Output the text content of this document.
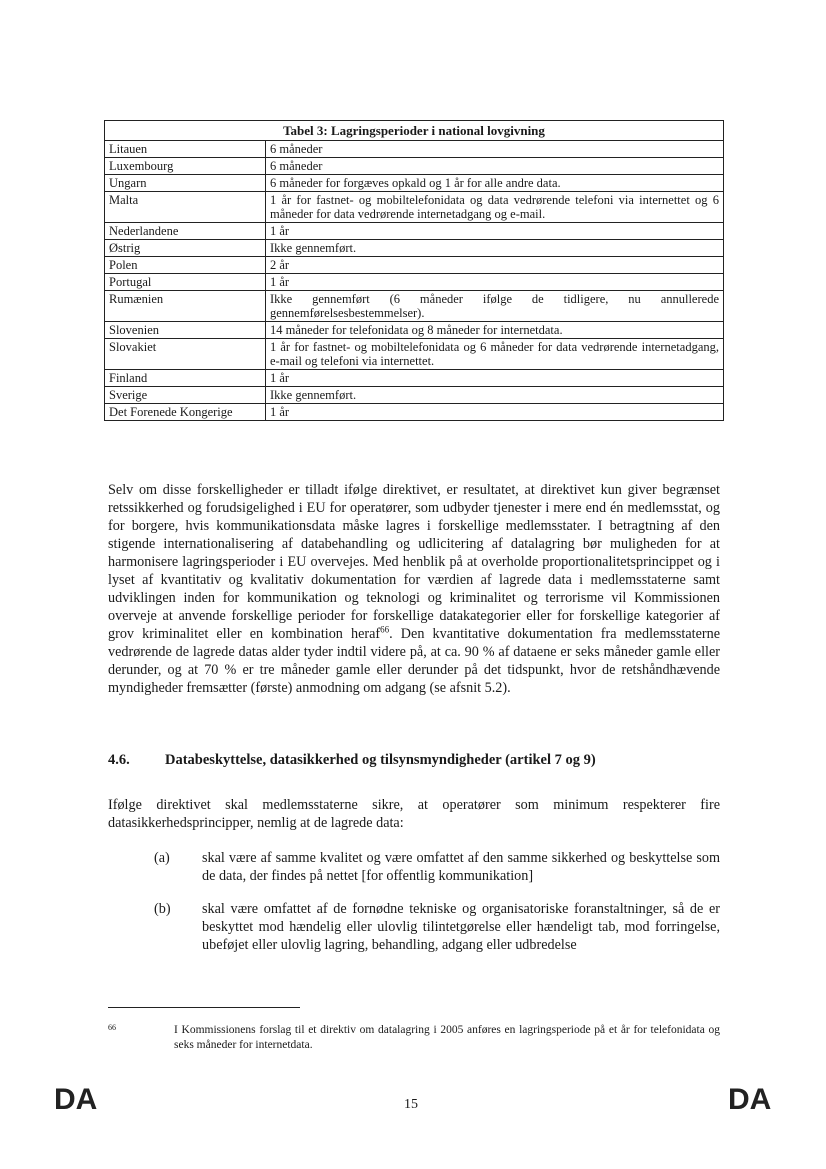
Tabel 3: Lagringsperioder i national lovgivning	
Litauen	6 måneder
Luxembourg	6 måneder
Ungarn	6 måneder for forgæves opkald og 1 år for alle andre data.
Malta	1 år for fastnet- og mobiltelefonidata og data vedrørende telefoni via internettet og 6 måneder for data vedrørende internetadgang og e-mail.
Nederlandene	1 år
Østrig	Ikke gennemført.
Polen	2 år
Portugal	1 år
Rumænien	Ikke gennemført (6 måneder ifølge de tidligere, nu annullerede gennemførelsesbestemmelser).
Slovenien	14 måneder for telefonidata og 8 måneder for internetdata.
Slovakiet	1 år for fastnet- og mobiltelefonidata og 6 måneder for data vedrørende internetadgang, e-mail og telefoni via internettet.
Finland	1 år
Sverige	Ikke gennemført.
Det Forenede Kongerige	1 år

Selv om disse forskelligheder er tilladt ifølge direktivet, er resultatet, at direktivet kun giver begrænset retssikkerhed og forudsigelighed i EU for operatører, som udbyder tjenester i mere end én medlemsstat, og for borgere, hvis kommunikationsdata måske lagres i forskellige medlemsstater. I betragtning af den stigende internationalisering af databehandling og udlicitering af datalagring bør muligheden for at harmonisere lagringsperioder i EU overvejes. Med henblik på at overholde proportionalitetsprincippet og i lyset af kvantitativ og kvalitativ dokumentation for værdien af lagrede data i medlemsstaterne samt udviklingen inden for kommunikation og teknologi og kriminalitet og terrorisme vil Kommissionen overveje at anvende forskellige perioder for forskellige datakategorier eller for forskellige kategorier af grov kriminalitet eller en kombination heraf$^{66}$. Den kvantitative dokumentation fra medlemsstaterne vedrørende de lagrede datas alder tyder indtil videre på, at ca. 90 % af dataene er seks måneder gamle eller derunder, og at 70 % er tre måneder gamle eller derunder på det tidspunkt, hvor de retshåndhævende myndigheder fremsætter (første) anmodning om adgang (se afsnit 5.2).

4.6. Databeskyttelse, datasikkerhed og tilsynsmyndigheder (artikel 7 og 9)

Ifølge direktivet skal medlemsstaterne sikre, at operatører som minimum respekterer fire datasikkerhedsprincipper, nemlig at de lagrede data:

(a) skal være af samme kvalitet og være omfattet af den samme sikkerhed og beskyttelse som de data, der findes på nettet [for offentlig kommunikation]
(b) skal være omfattet af de fornødne tekniske og organisatoriske foranstaltninger, så de er beskyttet mod hændelig eller ulovlig tilintetgørelse eller hændeligt tab, mod forringelse, ubeføjet eller ulovlig lagring, behandling, adgang eller udbredelse
66	I Kommissionens forslag til et direktiv om datalagring i 2005 anføres en lagringsperiode på et år for telefonidata og seks måneder for internetdata.
DA	15	DA
